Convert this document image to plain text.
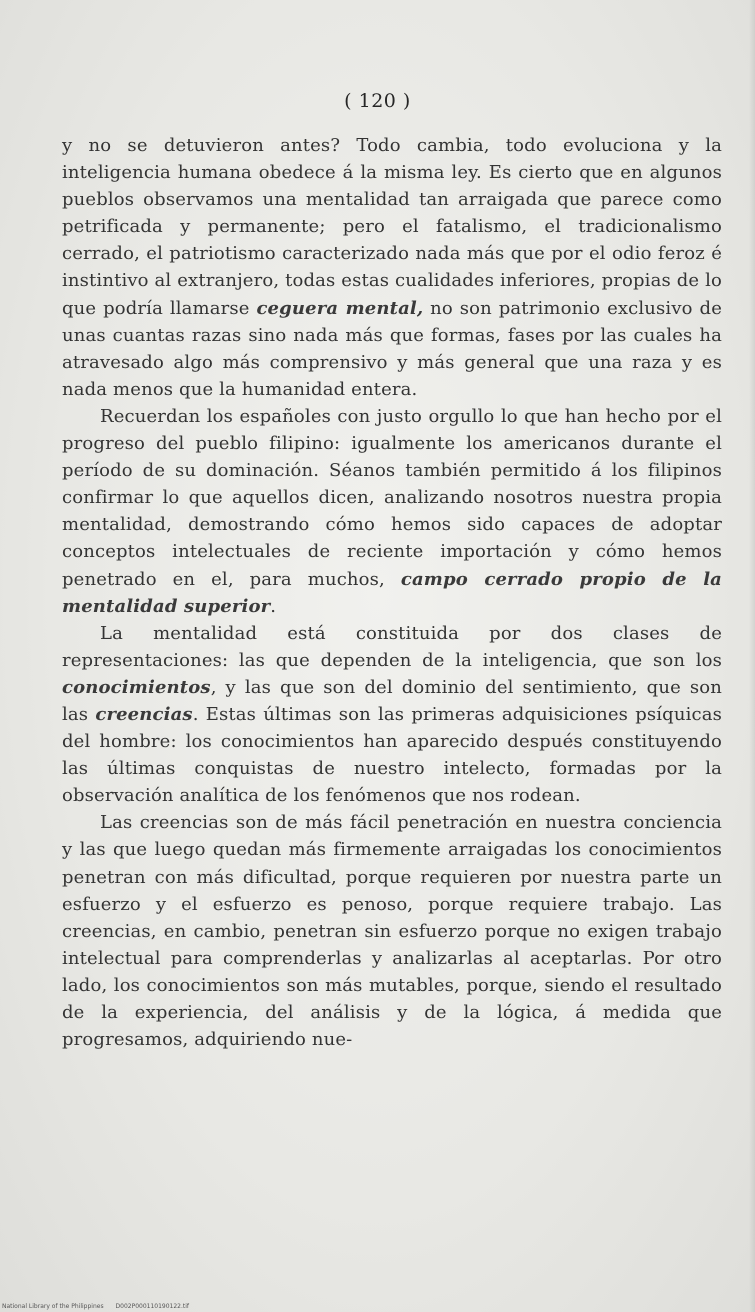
( 120 )

y no se detuvieron antes? Todo cambia, todo evoluciona y la inteligencia humana obedece á la misma ley. Es cierto que en algunos pueblos observamos una mentalidad tan arraigada que parece como petrificada y permanente; pero el fatalismo, el tradicionalismo cerrado, el patriotismo caracterizado nada más que por el odio feroz é instintivo al extranjero, todas estas cualidades inferiores, propias de lo que podría llamarse ceguera mental, no son patrimonio exclusivo de unas cuantas razas sino nada más que formas, fases por las cuales ha atravesado algo más comprensivo y más general que una raza y es nada menos que la humanidad entera.

Recuerdan los españoles con justo orgullo lo que han hecho por el progreso del pueblo filipino: igualmente los americanos durante el período de su dominación. Séanos también permitido á los filipinos confirmar lo que aquellos dicen, analizando nosotros nuestra propia mentalidad, demostrando cómo hemos sido capaces de adoptar conceptos intelectuales de reciente importación y cómo hemos penetrado en el, para muchos, campo cerrado propio de la mentalidad superior.

La mentalidad está constituida por dos clases de representaciones: las que dependen de la inteligencia, que son los conocimientos, y las que son del dominio del sentimiento, que son las creencias. Estas últimas son las primeras adquisiciones psíquicas del hombre: los conocimientos han aparecido después constituyendo las últimas conquistas de nuestro intelecto, formadas por la observación analítica de los fenómenos que nos rodean.

Las creencias son de más fácil penetración en nuestra conciencia y las que luego quedan más firmemente arraigadas los conocimientos penetran con más dificultad, porque requieren por nuestra parte un esfuerzo y el esfuerzo es penoso, porque requiere trabajo. Las creencias, en cambio, penetran sin esfuerzo porque no exigen trabajo intelectual para comprenderlas y analizarlas al aceptarlas. Por otro lado, los conocimientos son más mutables, porque, siendo el resultado de la experiencia, del análisis y de la lógica, á medida que progresamos, adquiriendo nue-

National Library of the Philippines D002P000110190122.tif
